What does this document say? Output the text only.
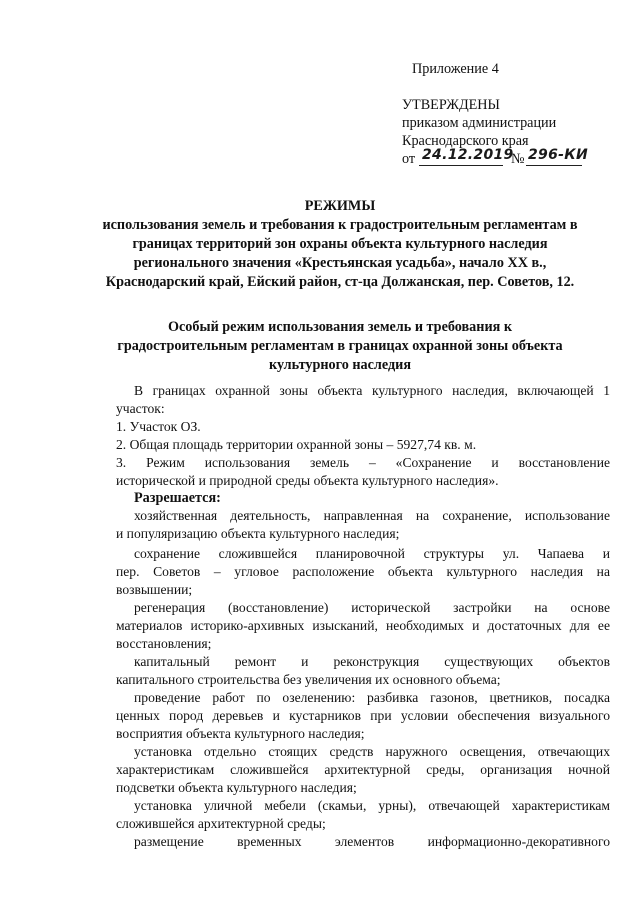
Приложение 4
УТВЕРЖДЕНЫ
приказом администрации
Краснодарского края
от 24.12.2019
№ 296-КИ
РЕЖИМЫ
использования земель и требования к градостроительным регламентам в
границах территорий зон охраны объекта культурного наследия
регионального значения «Крестьянская усадьба», начало XX в.,
Краснодарский край, Ейский район, ст-ца Должанская, пер. Советов, 12.
Особый режим использования земель и требования к
градостроительным регламентам в границах охранной зоны объекта
культурного наследия
В границах охранной зоны объекта культурного наследия, включающей 1
участок:
1. Участок ОЗ.
2. Общая площадь территории охранной зоны – 5927,74 кв. м.
3. Режим использования земель – «Сохранение и восстановление
исторической и природной среды объекта культурного наследия».
Разрешается:
хозяйственная деятельность, направленная на сохранение, использование
и популяризацию объекта культурного наследия;
сохранение сложившейся планировочной структуры ул. Чапаева и
пер. Советов – угловое расположение объекта культурного наследия на
возвышении;
регенерация (восстановление) исторической застройки на основе
материалов историко-архивных изысканий, необходимых и достаточных для ее
восстановления;
капитальный ремонт и реконструкция существующих объектов
капитального строительства без увеличения их основного объема;
проведение работ по озеленению: разбивка газонов, цветников, посадка
ценных пород деревьев и кустарников при условии обеспечения визуального
восприятия объекта культурного наследия;
установка отдельно стоящих средств наружного освещения, отвечающих
характеристикам сложившейся архитектурной среды, организация ночной
подсветки объекта культурного наследия;
установка уличной мебели (скамьи, урны), отвечающей характеристикам
сложившейся архитектурной среды;
размещение временных элементов информационно-декоративного
